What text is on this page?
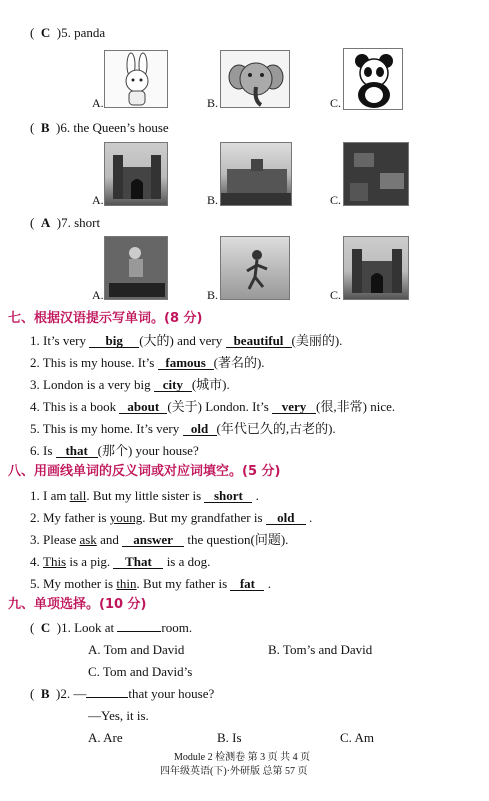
( C )5. panda
A.	B.	C.
( B )6. the Queen’s house
A.	B.	C.
( A )7. short
A.	B.	C.
七、根据汉语提示写单词。(8 分)
1. It’s very big (大的) and very beautiful (美丽的).
2. This is my house. It’s famous (著名的).
3. London is a very big city (城市).
4. This is a book about (关于) London. It’s very (很,非常) nice.
5. This is my home. It’s very old (年代已久的,古老的).
6. Is that (那个) your house?
八、用画线单词的反义词或对应词填空。(5 分)
1. I am tall. But my little sister is short .
2. My father is young. But my grandfather is old .
3. Please ask and answer the question(问题).
4. This is a pig. That is a dog.
5. My mother is thin. But my father is fat .
九、单项选择。(10 分)
( C )1. Look at	room.
A. Tom and David	B. Tom’s and David
C. Tom and David’s
( B )2. —	that your house?
—Yes, it is.
A. Are	B. Is	C. Am
Module 2 检测卷 第 3 页 共 4 页
四年级英语(下)·外研版 总第 57 页
